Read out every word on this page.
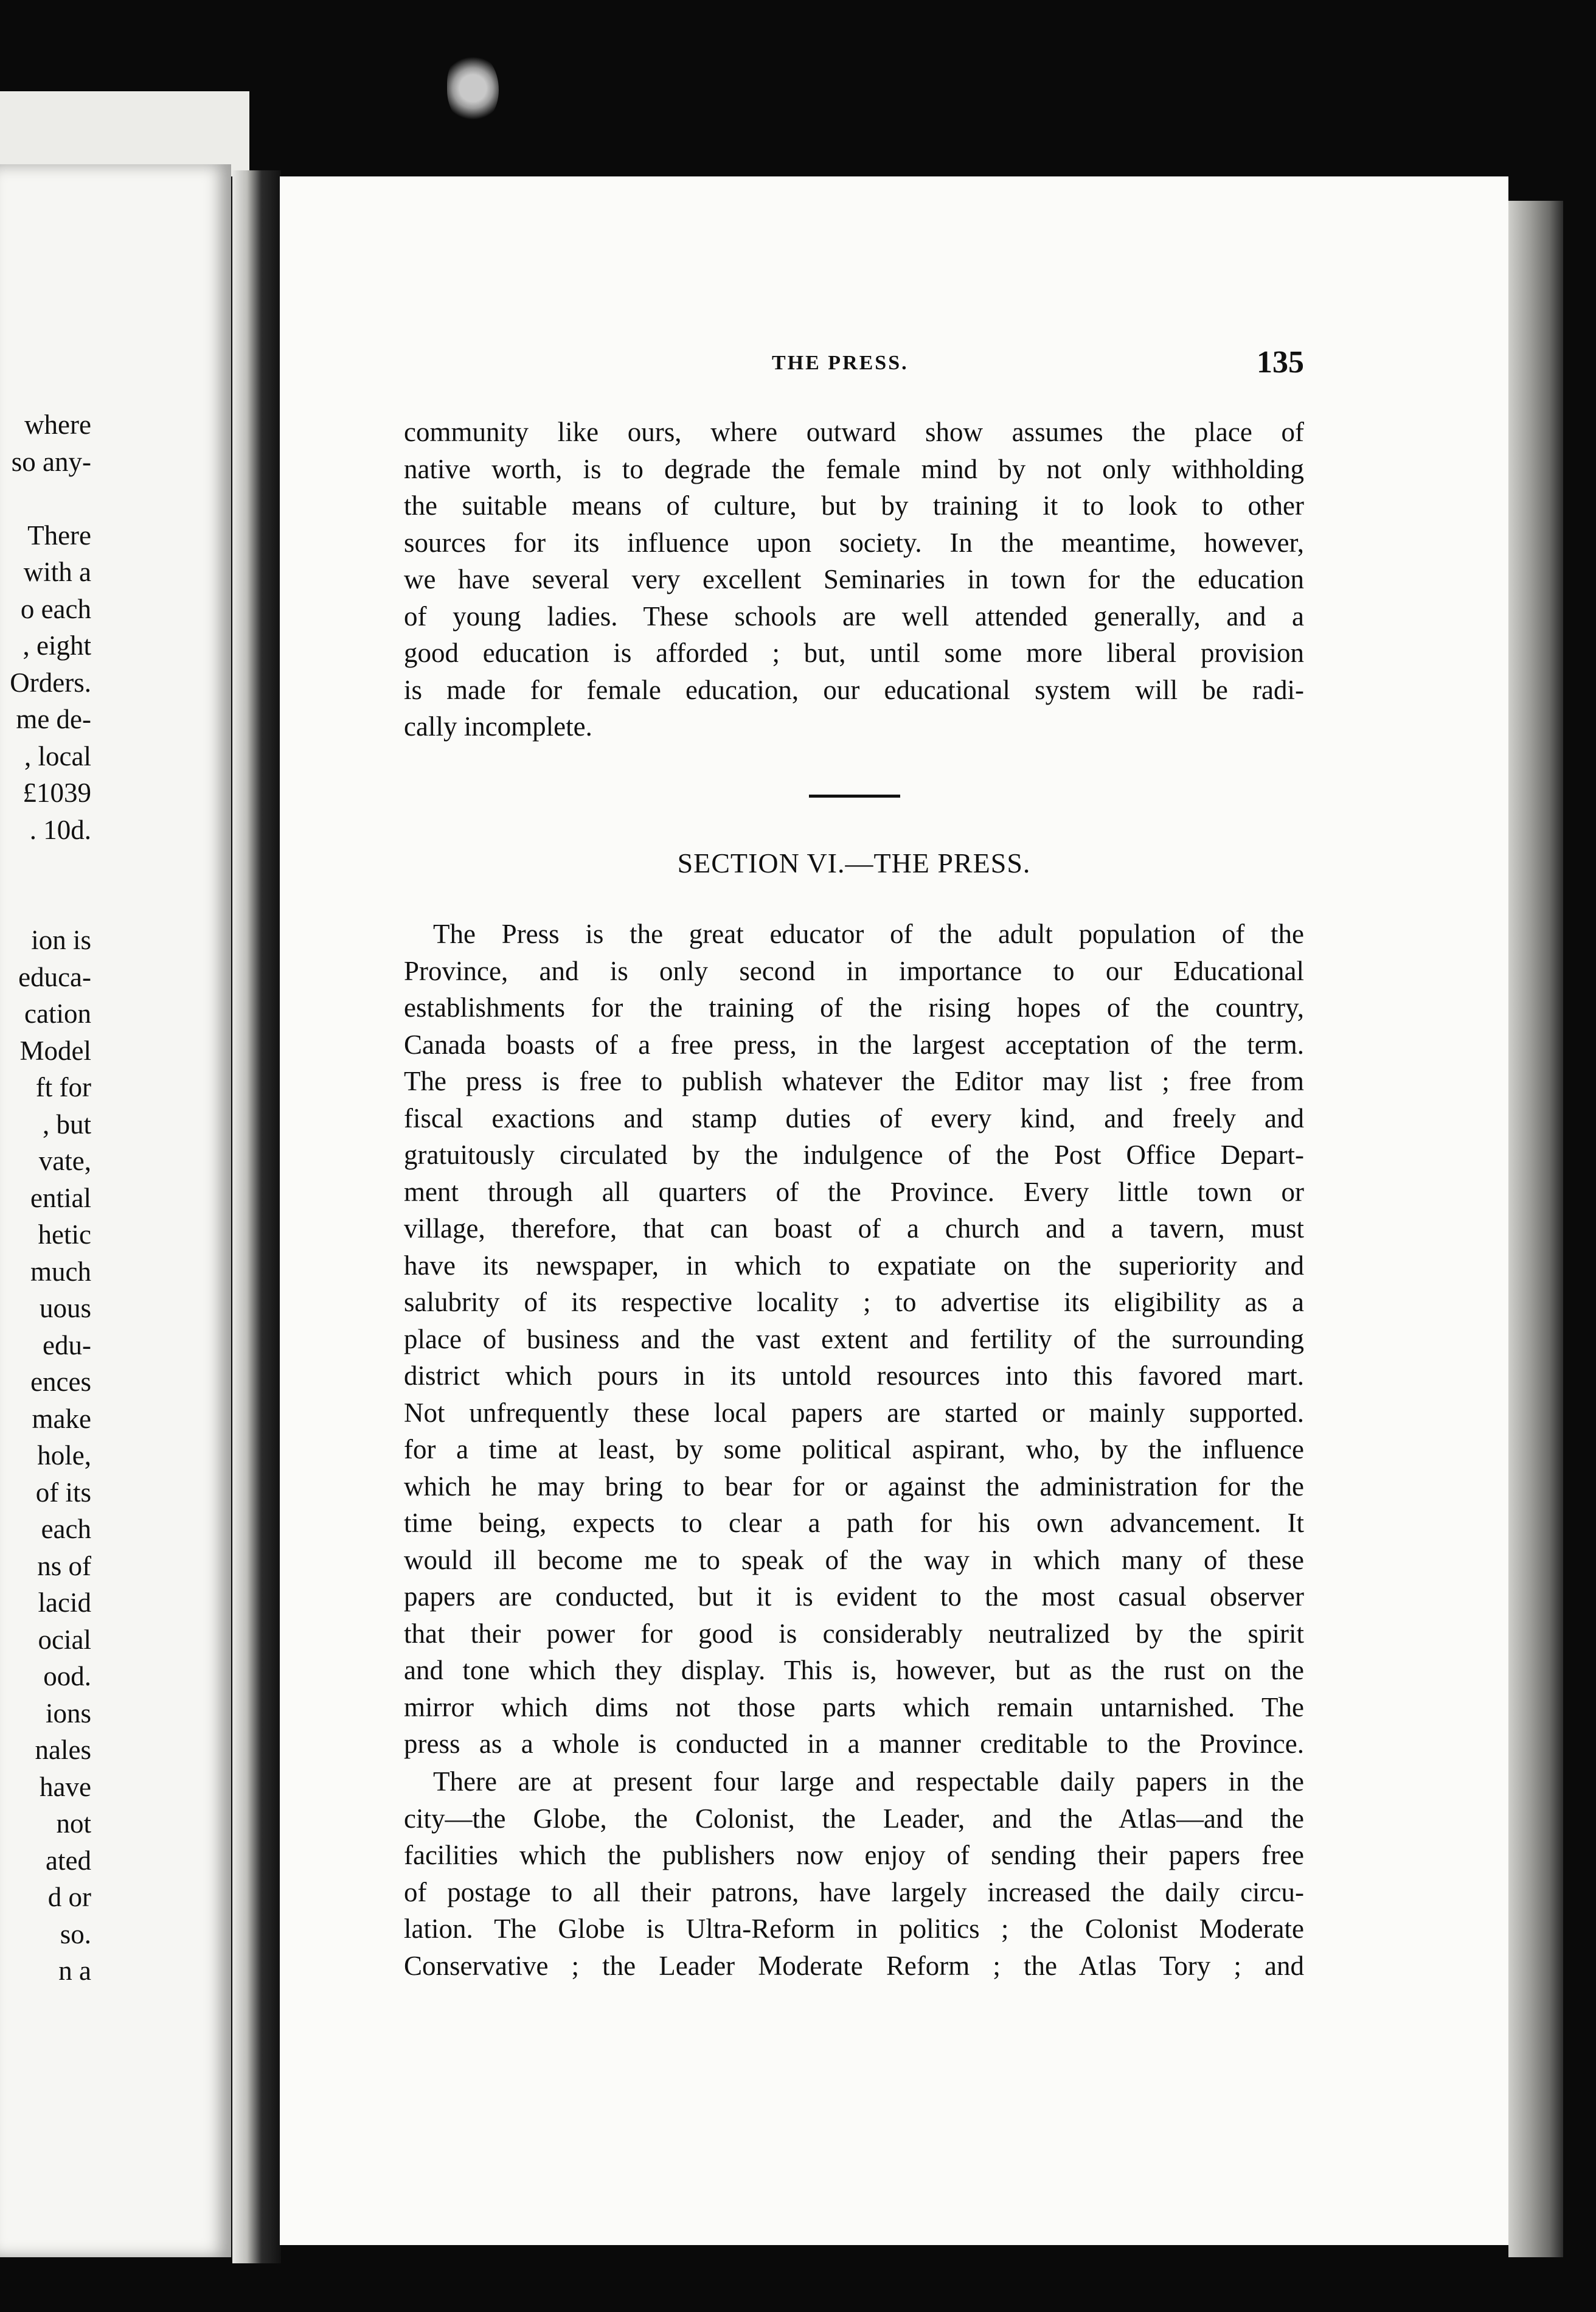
where
so any-
There
with a
o each
, eight
Orders.
me de-
, local
£1039
. 10d.
ion is
educa-
cation
Model
ft for
, but
vate,
ential
hetic
much
uous
edu-
ences
make
hole,
of its
each
ns of
lacid
ocial
ood.
ions
nales
have
not
ated
d or
so.
n a
THE PRESS.	135
community like ours, where outward show assumes the place of
native worth, is to degrade the female mind by not only withholding
the suitable means of culture, but by training it to look to other
sources for its influence upon society. In the meantime, however,
we have several very excellent Seminaries in town for the education
of young ladies. These schools are well attended generally, and a
good education is afforded ; but, until some more liberal provision
is made for female education, our educational system will be radi-
cally incomplete.
SECTION VI.—THE PRESS.
The Press is the great educator of the adult population of the
Province, and is only second in importance to our Educational
establishments for the training of the rising hopes of the country,
Canada boasts of a free press, in the largest acceptation of the term.
The press is free to publish whatever the Editor may list ; free from
fiscal exactions and stamp duties of every kind, and freely and
gratuitously circulated by the indulgence of the Post Office Depart-
ment through all quarters of the Province. Every little town or
village, therefore, that can boast of a church and a tavern, must
have its newspaper, in which to expatiate on the superiority and
salubrity of its respective locality ; to advertise its eligibility as a
place of business and the vast extent and fertility of the surrounding
district which pours in its untold resources into this favored mart.
Not unfrequently these local papers are started or mainly supported.
for a time at least, by some political aspirant, who, by the influence
which he may bring to bear for or against the administration for the
time being, expects to clear a path for his own advancement. It
would ill become me to speak of the way in which many of these
papers are conducted, but it is evident to the most casual observer
that their power for good is considerably neutralized by the spirit
and tone which they display. This is, however, but as the rust on the
mirror which dims not those parts which remain untarnished. The
press as a whole is conducted in a manner creditable to the Province.
There are at present four large and respectable daily papers in the
city—the Globe, the Colonist, the Leader, and the Atlas—and the
facilities which the publishers now enjoy of sending their papers free
of postage to all their patrons, have largely increased the daily circu-
lation. The Globe is Ultra-Reform in politics ; the Colonist Moderate
Conservative ; the Leader Moderate Reform ; the Atlas Tory ; and
